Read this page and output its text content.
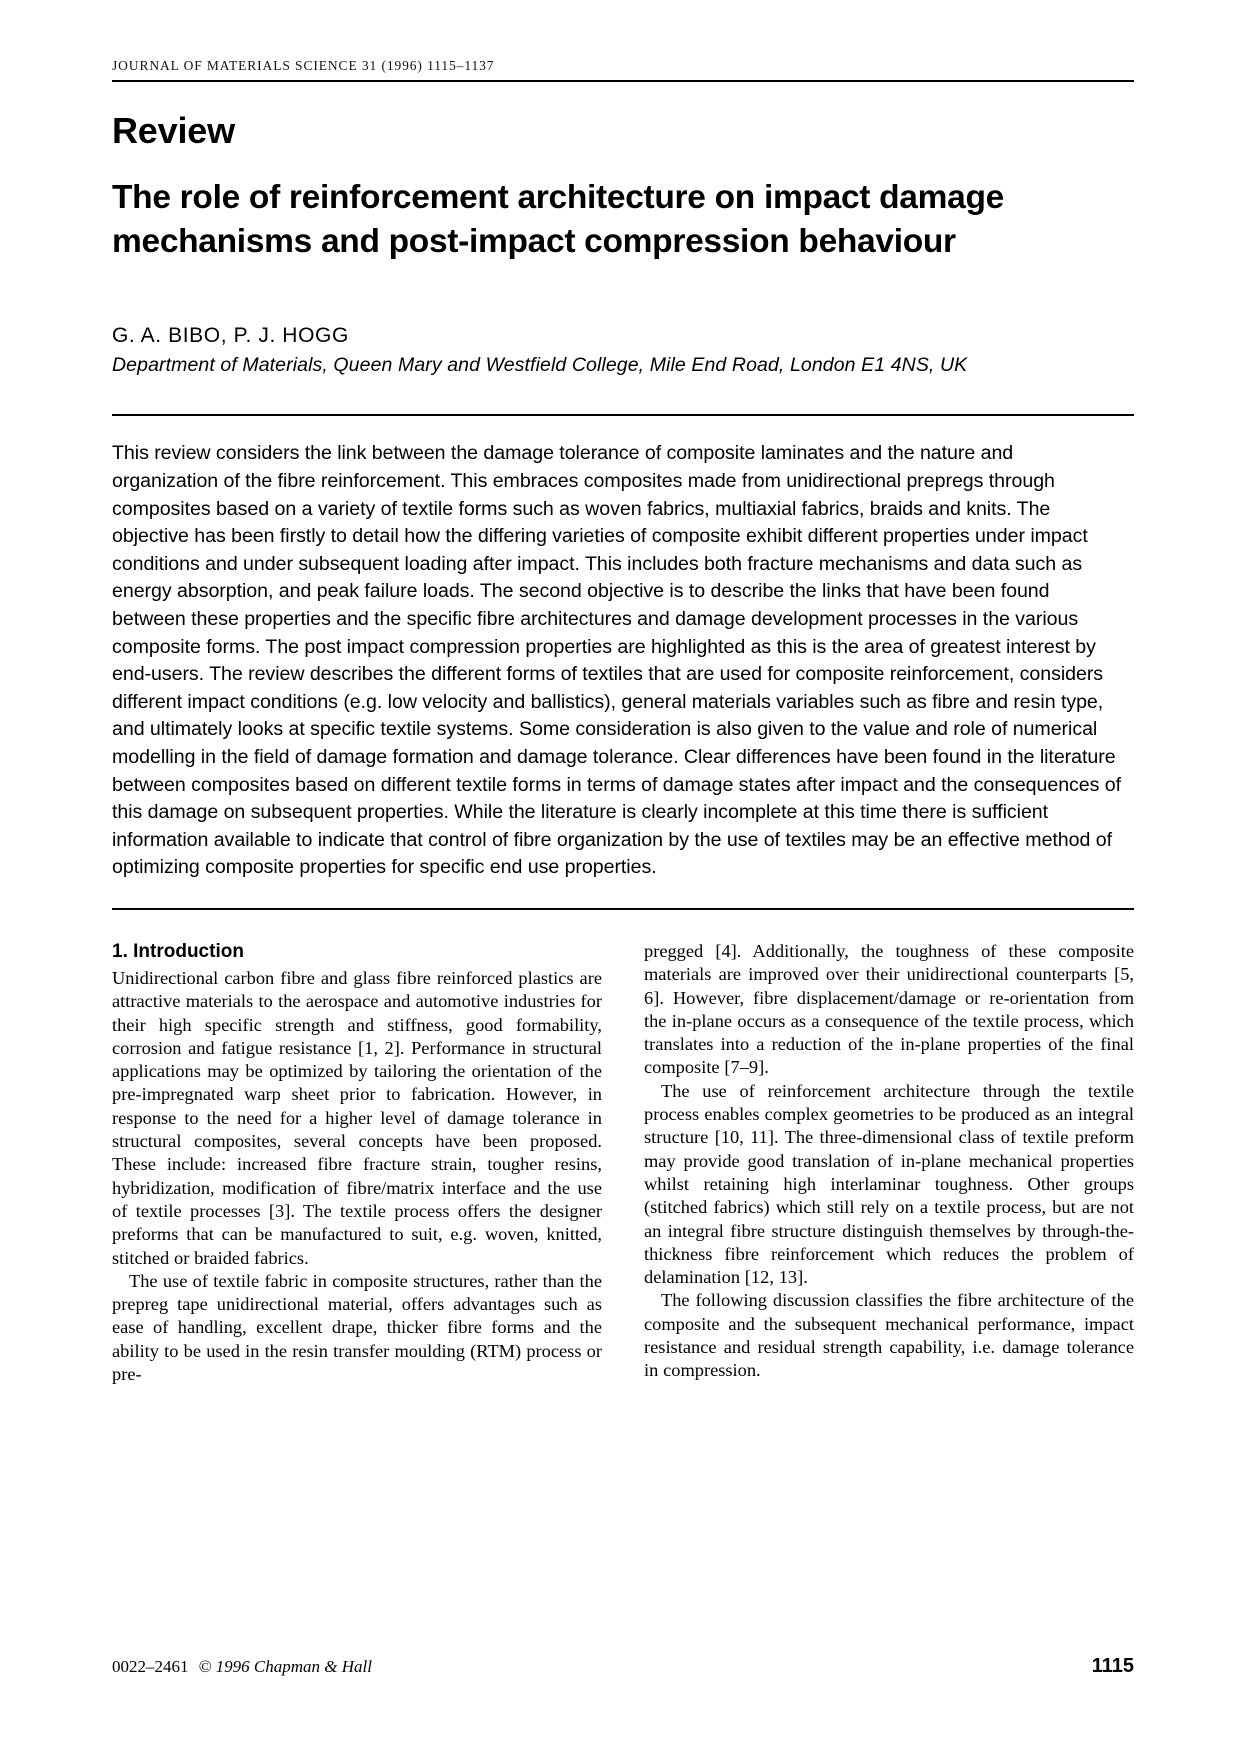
JOURNAL OF MATERIALS SCIENCE 31 (1996) 1115–1137
Review
The role of reinforcement architecture on impact damage mechanisms and post-impact compression behaviour
G. A. BIBO, P. J. HOGG
Department of Materials, Queen Mary and Westfield College, Mile End Road, London E1 4NS, UK

This review considers the link between the damage tolerance of composite laminates and the nature and organization of the fibre reinforcement. This embraces composites made from unidirectional prepregs through composites based on a variety of textile forms such as woven fabrics, multiaxial fabrics, braids and knits. The objective has been firstly to detail how the differing varieties of composite exhibit different properties under impact conditions and under subsequent loading after impact. This includes both fracture mechanisms and data such as energy absorption, and peak failure loads. The second objective is to describe the links that have been found between these properties and the specific fibre architectures and damage development processes in the various composite forms. The post impact compression properties are highlighted as this is the area of greatest interest by end-users. The review describes the different forms of textiles that are used for composite reinforcement, considers different impact conditions (e.g. low velocity and ballistics), general materials variables such as fibre and resin type, and ultimately looks at specific textile systems. Some consideration is also given to the value and role of numerical modelling in the field of damage formation and damage tolerance. Clear differences have been found in the literature between composites based on different textile forms in terms of damage states after impact and the consequences of this damage on subsequent properties. While the literature is clearly incomplete at this time there is sufficient information available to indicate that control of fibre organization by the use of textiles may be an effective method of optimizing composite properties for specific end use properties.

1. Introduction

Unidirectional carbon fibre and glass fibre reinforced plastics are attractive materials to the aerospace and automotive industries for their high specific strength and stiffness, good formability, corrosion and fatigue resistance [1, 2]. Performance in structural applications may be optimized by tailoring the orientation of the pre-impregnated warp sheet prior to fabrication. However, in response to the need for a higher level of damage tolerance in structural composites, several concepts have been proposed. These include: increased fibre fracture strain, tougher resins, hybridization, modification of fibre/matrix interface and the use of textile processes [3]. The textile process offers the designer preforms that can be manufactured to suit, e.g. woven, knitted, stitched or braided fabrics.

The use of textile fabric in composite structures, rather than the prepreg tape unidirectional material, offers advantages such as ease of handling, excellent drape, thicker fibre forms and the ability to be used in the resin transfer moulding (RTM) process or pre-

pregged [4]. Additionally, the toughness of these composite materials are improved over their unidirectional counterparts [5, 6]. However, fibre displacement/damage or re-orientation from the in-plane occurs as a consequence of the textile process, which translates into a reduction of the in-plane properties of the final composite [7–9].

The use of reinforcement architecture through the textile process enables complex geometries to be produced as an integral structure [10, 11]. The three-dimensional class of textile preform may provide good translation of in-plane mechanical properties whilst retaining high interlaminar toughness. Other groups (stitched fabrics) which still rely on a textile process, but are not an integral fibre structure distinguish themselves by through-the-thickness fibre reinforcement which reduces the problem of delamination [12, 13].

The following discussion classifies the fibre architecture of the composite and the subsequent mechanical performance, impact resistance and residual strength capability, i.e. damage tolerance in compression.

0022–2461 © 1996 Chapman & Hall	1115
